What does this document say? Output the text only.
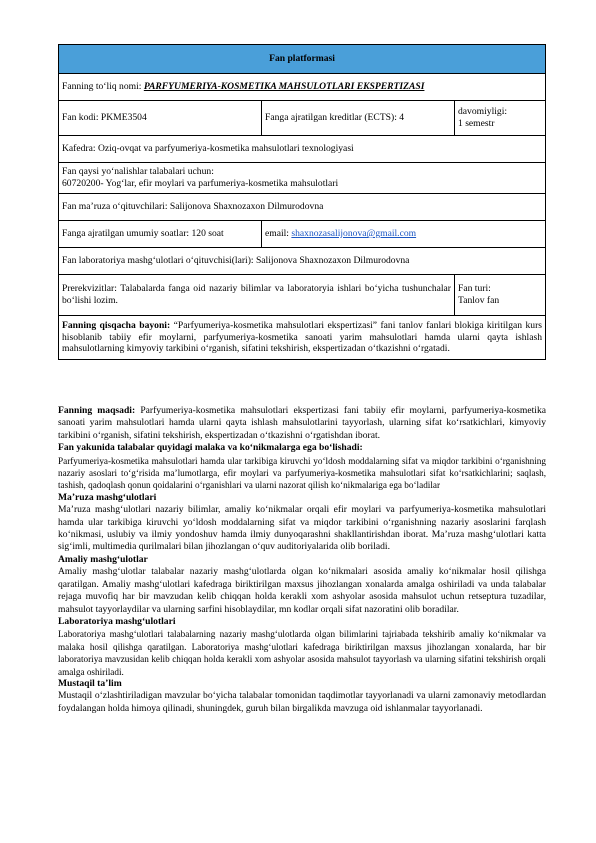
Fan platformasi		
Fanning to‘liq nomi: PARFYUMERIYA-KOSMETIKA MAHSULOTLARI EKSPERTIZASI		
Fan kodi: PKME3504	Fanga ajratilgan kreditlar (ECTS): 4	davomiyligi:
1 semestr

Kafedra: Oziq-ovqat va parfyumeriya-kosmetika mahsulotlari texnologiyasi		

Fan qaysi yo‘nalishlar talabalari uchun:
60720200- Yog‘lar, efir moylari va parfumeriya-kosmetika mahsulotlari		

Fan ma’ruza o‘qituvchilari: Salijonova Shaxnozaxon Dilmurodovna		
Fanga ajratilgan umumiy soatlar: 120 soat	email: shaxnozasalijonova@gmail.com	
Fan laboratoriya mashg‘ulotlari o‘qituvchisi(lari): Salijonova Shaxnozaxon Dilmurodovna		
Prerekvizitlar: Talabalarda fanga oid nazariy bilimlar va laboratoryia ishlari bo‘yicha tushunchalar bo‘lishi lozim.		Fan turi:
Tanlov fan

Fanning qisqacha bayoni: “Parfyumeriya-kosmetika mahsulotlari ekspertizasi” fani tanlov fanlari blokiga kiritilgan kurs hisoblanib tabiiy efir moylarni, parfyumeriya-kosmetika sanoati yarim mahsulotlari hamda ularni qayta ishlash mahsulotlarning kimyoviy tarkibini o‘rganish, sifatini tekshirish, ekspertizadan o‘tkazishni o‘rgatadi.		

Fanning maqsadi: Parfyumeriya-kosmetika mahsulotlari ekspertizasi fani tabiiy efir moylarni, parfyumeriya-kosmetika sanoati yarim mahsulotlari hamda ularni qayta ishlash mahsulotlarini tayyorlash, ularning sifat ko‘rsatkichlari, kimyoviy tarkibini o‘rganish, sifatini tekshirish, ekspertizadan o‘tkazishni o‘rgatishdan iborat.

Fan yakunida talabalar quyidagi malaka va ko‘nikmalarga ega bo‘lishadi:

Parfyumeriya-kosmetika mahsulotlari hamda ular tarkibiga kiruvchi yo‘ldosh moddalarning sifat va miqdor tarkibini o‘rganishning nazariy asoslari to‘g‘risida ma’lumotlarga, efir moylari va parfyumeriya-kosmetika mahsulotlari sifat ko‘rsatkichlarini; saqlash, tashish, qadoqlash qonun qoidalarini o‘rganishlari va ularni nazorat qilish ko‘nikmalariga ega bo‘ladilar

Ma’ruza mashg‘ulotlari

Ma’ruza mashg‘ulotlari nazariy bilimlar, amaliy ko‘nikmalar orqali efir moylari va parfyumeriya-kosmetika mahsulotlari hamda ular tarkibiga kiruvchi yo‘ldosh moddalarning sifat va miqdor tarkibini o‘rganishning nazariy asoslarini farqlash ko‘nikmasi, uslubiy va ilmiy yondoshuv hamda ilmiy dunyoqarashni shakllantirishdan iborat. Ma’ruza mashg‘ulotlari katta sig‘imli, multimedia qurilmalari bilan jihozlangan o‘quv auditoriyalarida olib boriladi.

Amaliy mashg‘ulotlar

Amaliy mashg‘ulotlar talabalar nazariy mashg‘ulotlarda olgan ko‘nikmalari asosida amaliy ko‘nikmalar hosil qilishga qaratilgan. Amaliy mashg‘ulotlari kafedraga biriktirilgan maxsus jihozlangan xonalarda amalga oshiriladi va unda talabalar rejaga muvofiq har bir mavzudan kelib chiqqan holda kerakli xom ashyolar asosida mahsulot uchun retseptura tuzadilar, mahsulot tayyorlaydilar va ularning sarfini hisoblaydilar, mn kodlar orqali sifat nazoratini olib boradilar.

Laboratoriya mashg‘ulotlari

Laboratoriya mashg‘ulotlari talabalarning nazariy mashg‘ulotlarda olgan bilimlarini tajriabada tekshirib amaliy ko‘nikmalar va malaka hosil qilishga qaratilgan. Laboratoriya mashg‘ulotlari kafedraga biriktirilgan maxsus jihozlangan xonalarda, har bir laboratoriya mavzusidan kelib chiqqan holda kerakli xom ashyolar asosida mahsulot tayyorlash va ularning sifatini tekshirish orqali amalga oshiriladi.

Mustaqil ta’lim

Mustaqil o‘zlashtiriladigan mavzular bo‘yicha talabalar tomonidan taqdimotlar tayyorlanadi va ularni zamonaviy metodlardan foydalangan holda himoya qilinadi, shuningdek, guruh bilan birgalikda mavzuga oid ishlanmalar tayyorlanadi.
